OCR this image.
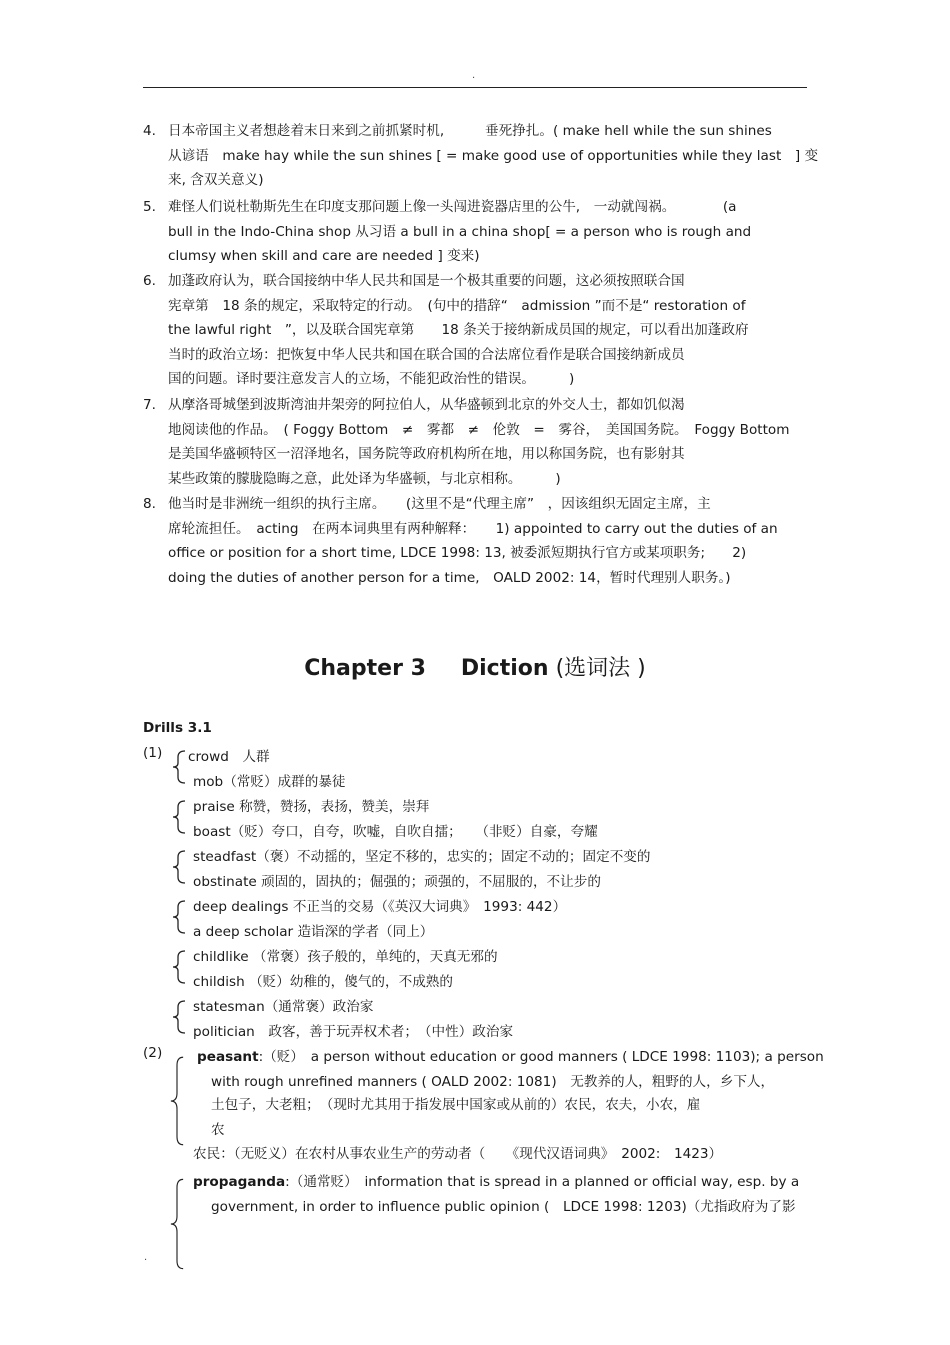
.
4. 日本帝国主义者想趁着末日来到之前抓紧时机,　　　垂死挣扎。( make hell while the sun shines
从谚语　make hay while the sun shines [ = make good use of opportunities while they last　] 变
来, 含双关意义)
5. 难怪人们说杜勒斯先生在印度支那问题上像一头闯进瓷器店里的公牛,　一动就闯祸。　　　　(a
bull in the Indo-China shop 从习语 a bull in a china shop[ = a person who is rough and
clumsy when skill and care are needed ] 变来)
6. 加蓬政府认为，联合国接纳中华人民共和国是一个极其重要的问题，这必须按照联合国
宪章第　18 条的规定，采取特定的行动。　(句中的措辞“　admission ”而不是“ restoration of
the lawful right　”，以及联合国宪章第　　18 条关于接纳新成员国的规定，可以看出加蓬政府
当时的政治立场：把恢复中华人民共和国在联合国的合法席位看作是联合国接纳新成员
国的问题。译时要注意发言人的立场，不能犯政治性的错误。　　　)
7. 从摩洛哥城堡到波斯湾油井架旁的阿拉伯人，从华盛顿到北京的外交人士，都如饥似渴
地阅读他的作品。　( Foggy Bottom　≠　雾都　≠　伦敦　=　雾谷，　美国国务院。　Foggy Bottom
是美国华盛顿特区一沼泽地名，国务院等政府机构所在地，用以称国务院，也有影射其
某些政策的朦胧隐晦之意，此处译为华盛顿，与北京相称。　　　)
8. 他当时是非洲统一组织的执行主席。　　(这里不是“代理主席”　，因该组织无固定主席，主
席轮流担任。　acting　在两本词典里有两种解释：　　1) appointed to carry out the duties of an
office or position for a short time, LDCE 1998: 13, 被委派短期执行官方或某项职务;　　2)
doing the duties of another person for a time,　OALD 2002: 14，暂时代理别人职务。)
Chapter 3 Diction (选词法 )
Drills 3.1
(1) crowd　人群
mob（常贬）成群的暴徒
praise 称赞，赞扬，表扬，赞美，崇拜
boast（贬）夸口，自夸，吹嘘，自吹自擂；　　（非贬）自豪，夸耀
steadfast（褒）不动摇的，坚定不移的，忠实的；固定不动的；固定不变的
obstinate 顽固的，固执的；倔强的；顽强的，不屈服的，不让步的
deep dealings 不正当的交易（《英汉大词典》　1993: 442）
a deep scholar 造诣深的学者（同上）
childlike （常褒）孩子般的，单纯的，天真无邪的
childish （贬）幼稚的，傻气的，不成熟的
statesman（通常褒）政治家
politician　政客，善于玩弄权术者；　（中性）政治家
(2)	peasant:（贬）　a person without education or good manners ( LDCE 1998: 1103); a person
with rough unrefined manners ( OALD 2002: 1081)　无教养的人，粗野的人，乡下人，
土包子，大老粗；　（现时尤其用于指发展中国家或从前的）农民，农夫，小农，雇
农
农民：（无贬义）在农村从事农业生产的劳动者（　　《现代汉语词典》　2002:　1423）
propaganda:（通常贬）　information that is spread in a planned or official way, esp. by a
government, in order to influence public opinion (　LDCE 1998: 1203)（尤指政府为了影
.
